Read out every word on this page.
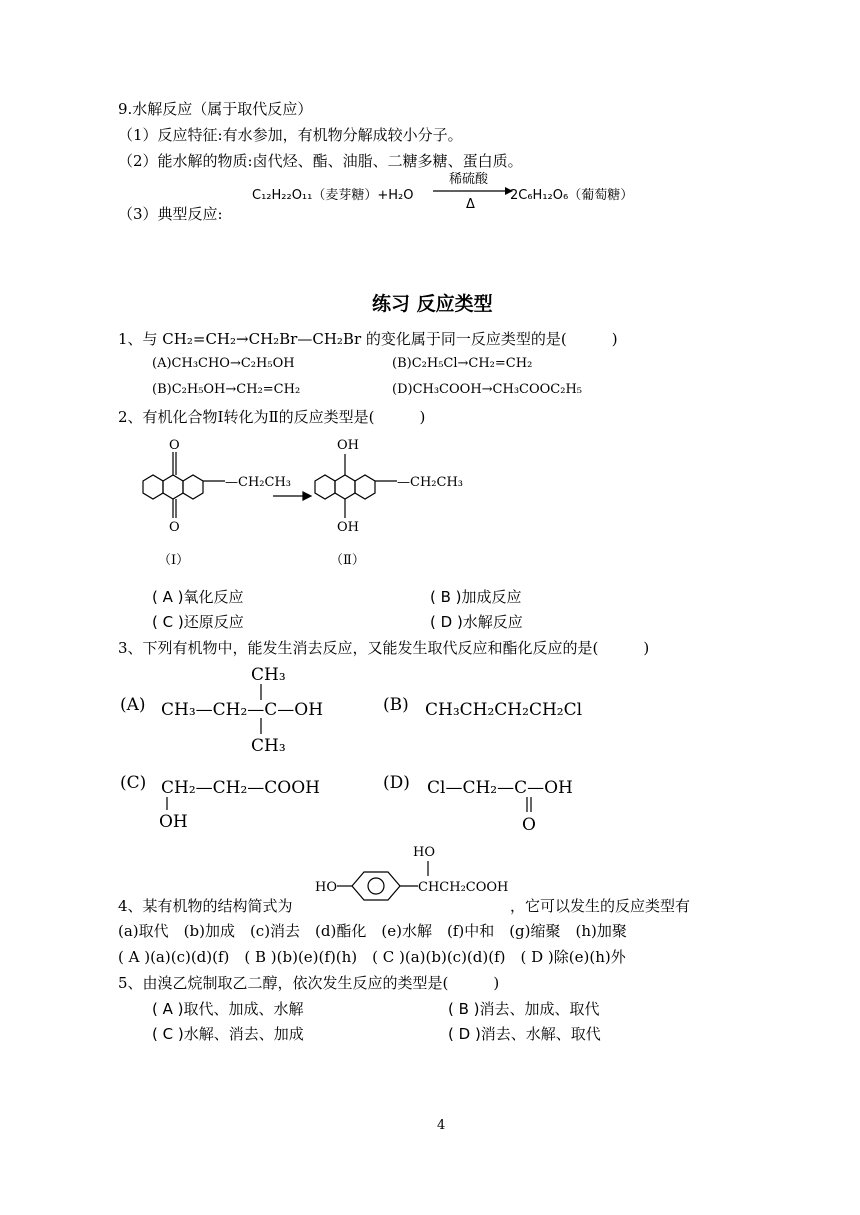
9.水解反应（属于取代反应）
（1）反应特征:有水参加，有机物分解成较小分子。
（2）能水解的物质:卤代烃、酯、油脂、二糖多糖、蛋白质。
（3）典型反应:
C₁₂H₂₂O₁₁（麦芽糖）+H₂O
稀硫酸
Δ
2C₆H₁₂O₆（葡萄糖）
练习 反应类型
1、与 CH₂=CH₂→CH₂Br—CH₂Br 的变化属于同一反应类型的是(　　　)
(A)CH₃CHO→C₂H₅OH	(B)C₂H₅Cl→CH₂=CH₂
(B)C₂H₅OH→CH₂=CH₂	(D)CH₃COOH→CH₃COOC₂H₅
2、有机化合物Ⅰ转化为Ⅱ的反应类型是(　　　)
O
O
—CH₂CH₃
（Ⅰ）
OH
OH
—CH₂CH₃
（Ⅱ）
( A )氧化反应	( B )加成反应
( C )还原反应	( D )水解反应
3、下列有机物中，能发生消去反应，又能发生取代反应和酯化反应的是(　　　)
(A)
CH₃
CH₃—CH₂—C—OH
CH₃
(B) CH₃CH₂CH₂CH₂Cl
(C) CH₂—CH₂—COOH
OH
(D) Cl—CH₂—C—OH
O
HO
HO	CHCH₂COOH
4、某有机物的结构简式为	，它可以发生的反应类型有
(a)取代　(b)加成　(c)消去　(d)酯化　(e)水解　(f)中和　(g)缩聚　(h)加聚
( A )(a)(c)(d)(f)　( B )(b)(e)(f)(h)　( C )(a)(b)(c)(d)(f)　( D )除(e)(h)外
5、由溴乙烷制取乙二醇，依次发生反应的类型是(　　　)
( A )取代、加成、水解	( B )消去、加成、取代
( C )水解、消去、加成	( D )消去、水解、取代
4
